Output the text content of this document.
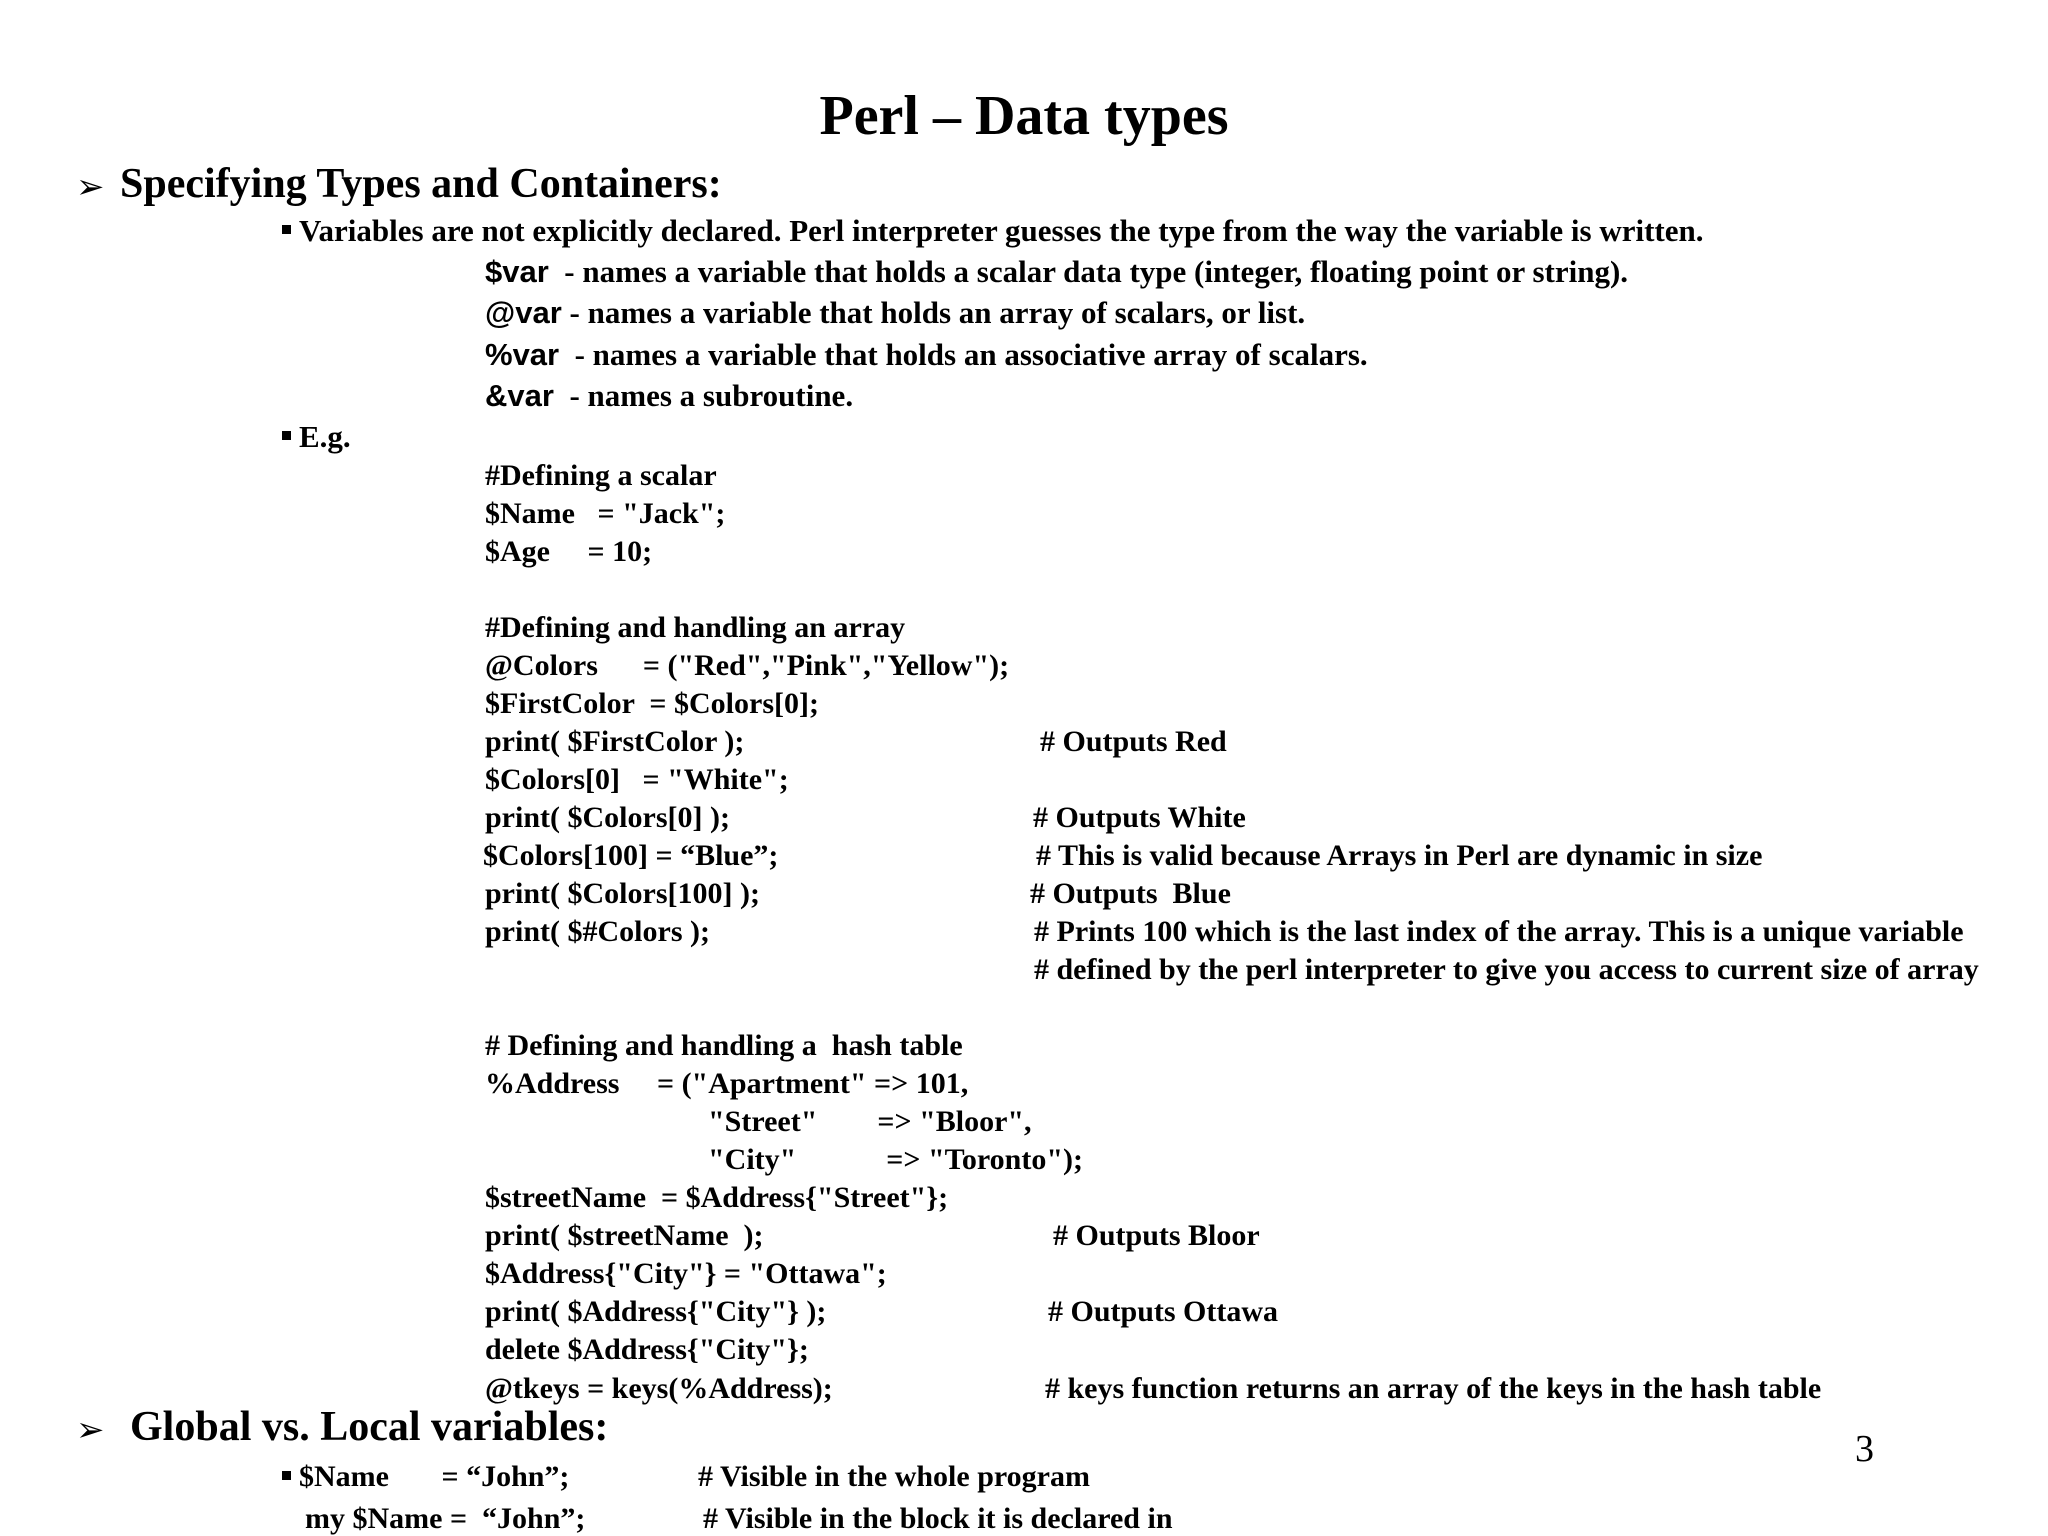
Perl – Data types
➢ Specifying Types and Containers:
Variables are not explicitly declared. Perl interpreter guesses the type from the way the variable is written.
$var  - names a variable that holds a scalar data type (integer, floating point or string).
@var - names a variable that holds an array of scalars, or list.
%var  - names a variable that holds an associative array of scalars.
&var  - names a subroutine.
E.g.
#Defining a scalar
$Name   = "Jack";
$Age     = 10;
#Defining and handling an array
@Colors      = ("Red","Pink","Yellow");
$FirstColor  = $Colors[0];
print( $FirstColor );	# Outputs Red
$Colors[0]   = "White";
print( $Colors[0] );	# Outputs White
$Colors[100] = “Blue”;	# This is valid because Arrays in Perl are dynamic in size
print( $Colors[100] );	# Outputs  Blue
print( $#Colors );	# Prints 100 which is the last index of the array. This is a unique variable
# defined by the perl interpreter to give you access to current size of array
# Defining and handling a  hash table
%Address     = ("Apartment" => 101,
"Street"        => "Bloor",
"City"            => "Toronto");
$streetName  = $Address{"Street"};
print( $streetName  );	# Outputs Bloor
$Address{"City"} = "Ottawa";
print( $Address{"City"} );	# Outputs Ottawa
delete $Address{"City"};
@tkeys = keys(%Address);	# keys function returns an array of the keys in the hash table
➢ Global vs. Local variables:
$Name       = “John”;	# Visible in the whole program
my $Name =  “John”;	# Visible in the block it is declared in
3
